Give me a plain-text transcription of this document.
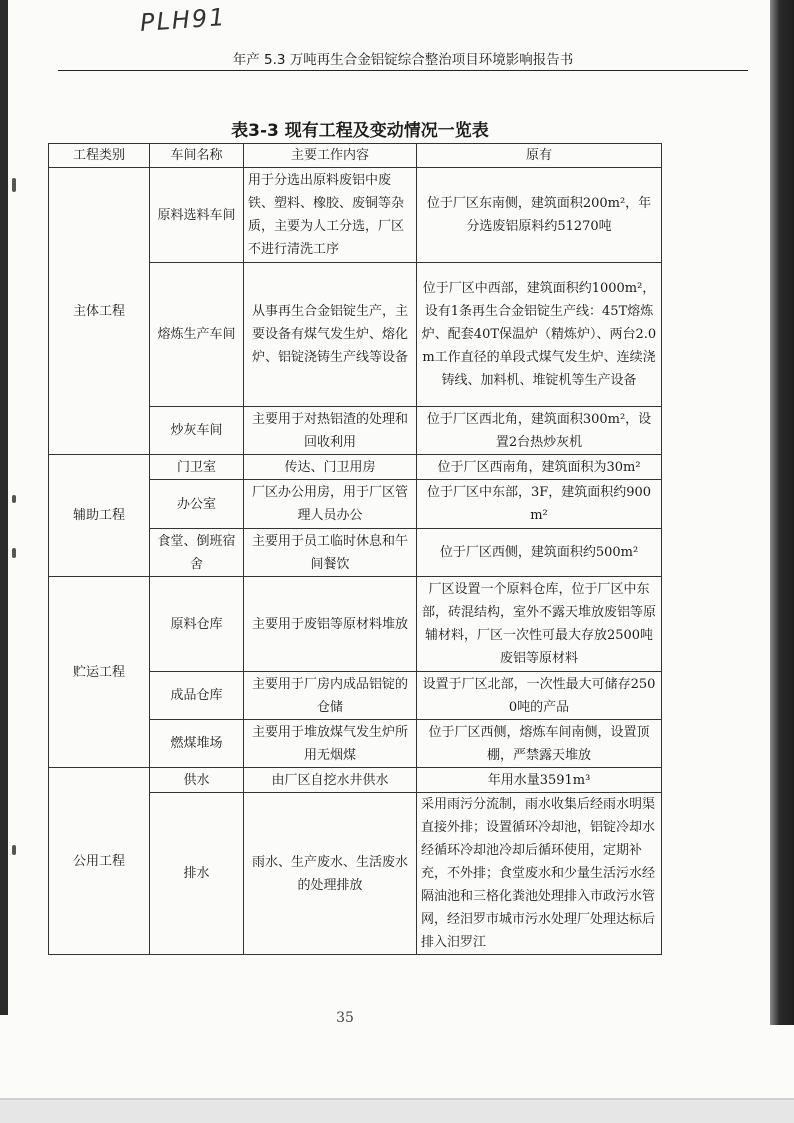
PLH91
年产 5.3 万吨再生合金铝锭综合整治项目环境影响报告书
表3-3 现有工程及变动情况一览表
工程类别	车间名称	主要工作内容	原有
主体工程	原料选料车间	用于分选出原料废铝中废铁、塑料、橡胶、废铜等杂质，主要为人工分选，厂区不进行清洗工序	位于厂区东南侧，建筑面积200m²，年分选废铝原料约51270吨
	熔炼生产车间	从事再生合金铝锭生产，主要设备有煤气发生炉、熔化炉、铝锭浇铸生产线等设备	位于厂区中西部，建筑面积约1000m²，设有1条再生合金铝锭生产线：45T熔炼炉、配套40T保温炉（精炼炉）、两台2.0m工作直径的单段式煤气发生炉、连续浇铸线、加料机、堆锭机等生产设备
	炒灰车间	主要用于对热铝渣的处理和回收利用	位于厂区西北角，建筑面积300m²，设置2台热炒灰机
辅助工程	门卫室	传达、门卫用房	位于厂区西南角，建筑面积为30m²
	办公室	厂区办公用房，用于厂区管理人员办公	位于厂区中东部，3F，建筑面积约900m²
	食堂、倒班宿舍	主要用于员工临时休息和午间餐饮	位于厂区西侧，建筑面积约500m²
贮运工程	原料仓库	主要用于废铝等原材料堆放	厂区设置一个原料仓库，位于厂区中东部，砖混结构，室外不露天堆放废铝等原辅材料，厂区一次性可最大存放2500吨废铝等原材料
	成品仓库	主要用于厂房内成品铝锭的仓储	设置于厂区北部，一次性最大可储存2500吨的产品
	燃煤堆场	主要用于堆放煤气发生炉所用无烟煤	位于厂区西侧，熔炼车间南侧，设置顶棚，严禁露天堆放
公用工程	供水	由厂区自挖水井供水	年用水量3591m³
	排水	雨水、生产废水、生活废水的处理排放	采用雨污分流制，雨水收集后经雨水明渠直接外排；设置循环冷却池，铝锭冷却水经循环冷却池冷却后循环使用，定期补充，不外排；食堂废水和少量生活污水经隔油池和三格化粪池处理排入市政污水管网，经汨罗市城市污水处理厂处理达标后排入汨罗江
35
